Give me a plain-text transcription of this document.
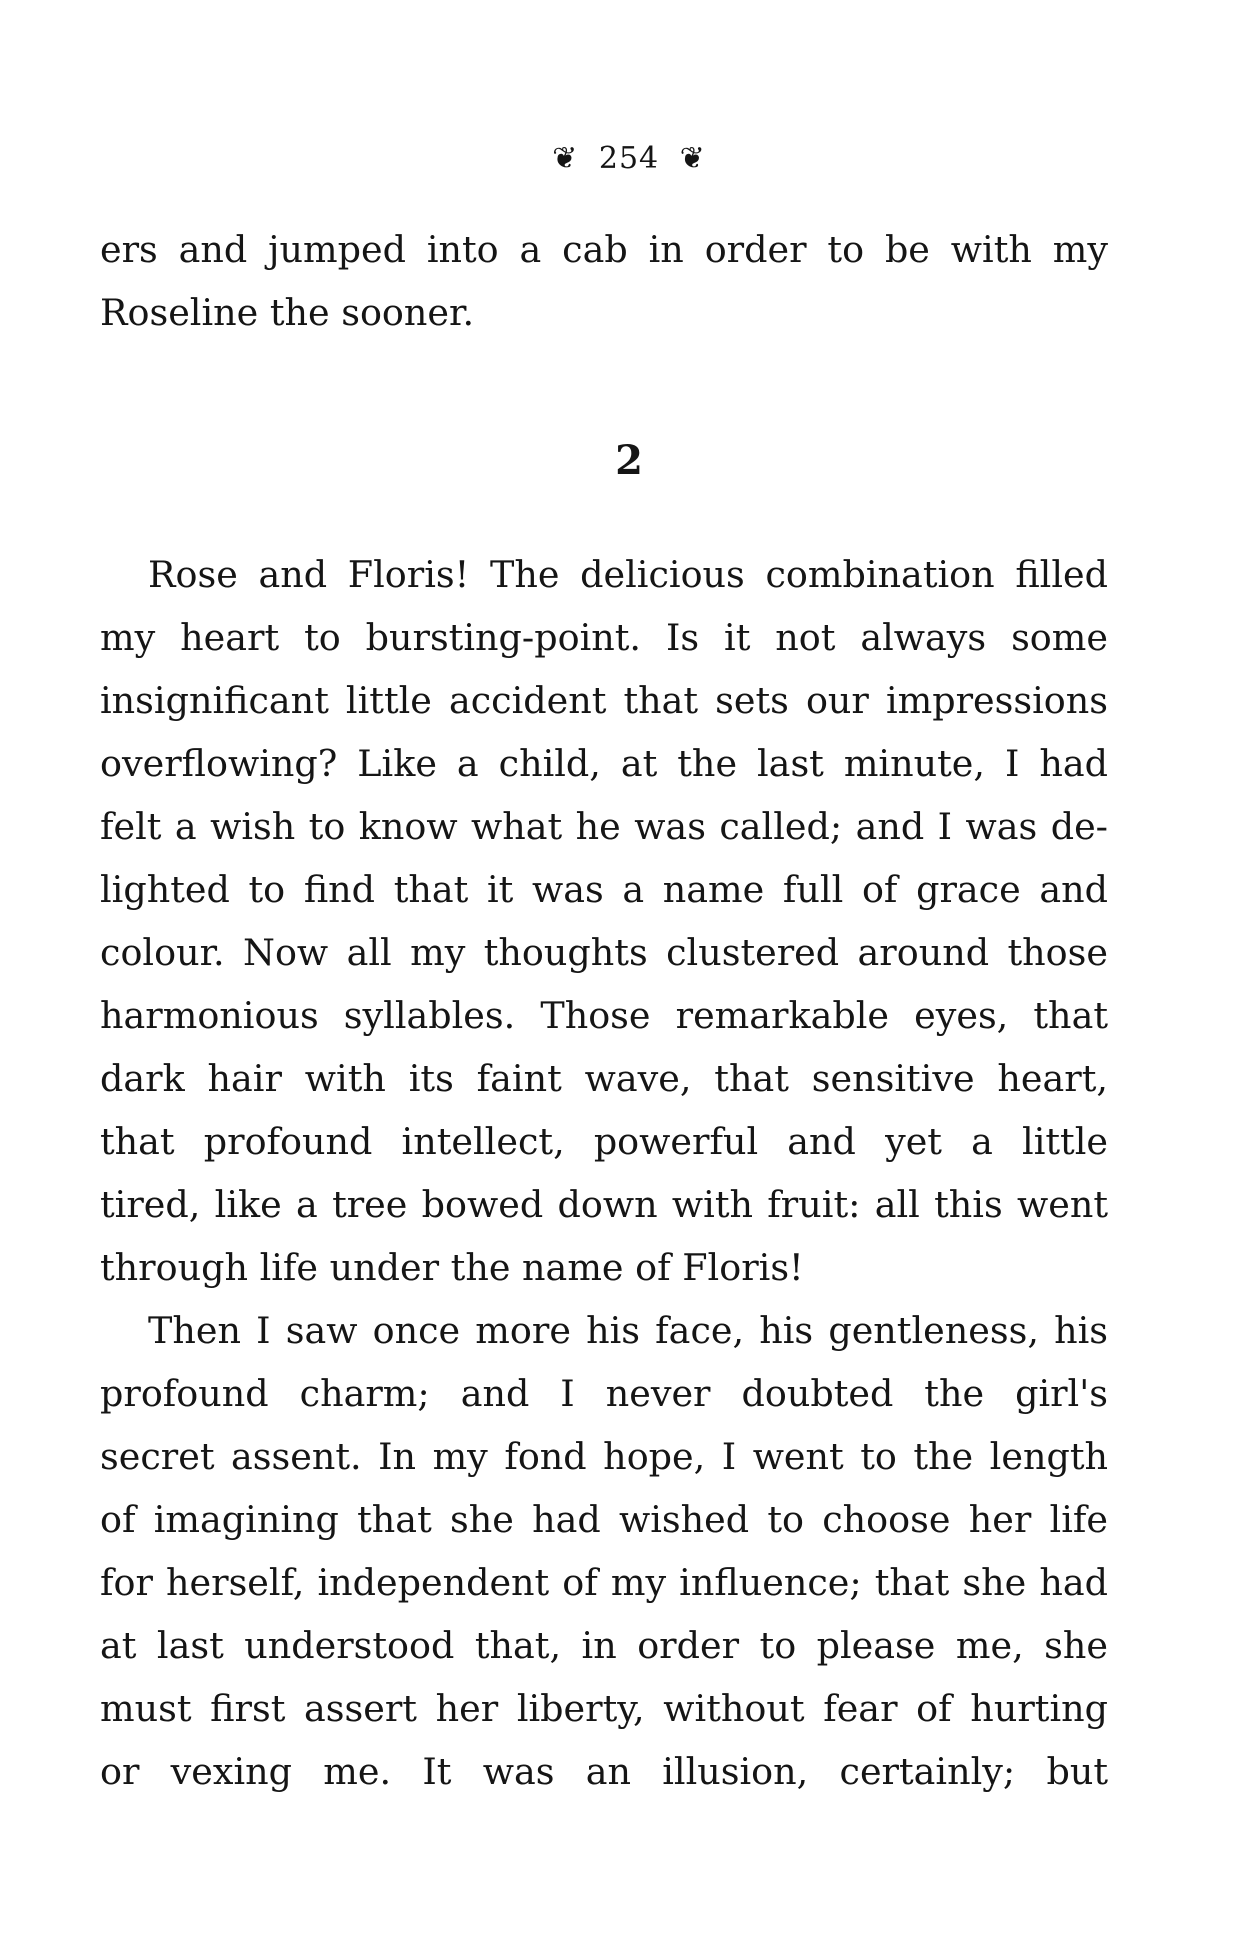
❦ 254 ❦
ers and jumped into a cab in order to be with my
Roseline the sooner.
2
Rose and Floris! The delicious combination filled
my heart to bursting-point. Is it not always some
insignificant little accident that sets our impressions
overflowing? Like a child, at the last minute, I had
felt a wish to know what he was called; and I was de-
lighted to find that it was a name full of grace and
colour. Now all my thoughts clustered around those
harmonious syllables. Those remarkable eyes, that
dark hair with its faint wave, that sensitive heart,
that profound intellect, powerful and yet a little
tired, like a tree bowed down with fruit: all this went
through life under the name of Floris!
Then I saw once more his face, his gentleness, his
profound charm; and I never doubted the girl's
secret assent. In my fond hope, I went to the length
of imagining that she had wished to choose her life
for herself, independent of my influence; that she had
at last understood that, in order to please me, she
must first assert her liberty, without fear of hurting
or vexing me. It was an illusion, certainly; but
